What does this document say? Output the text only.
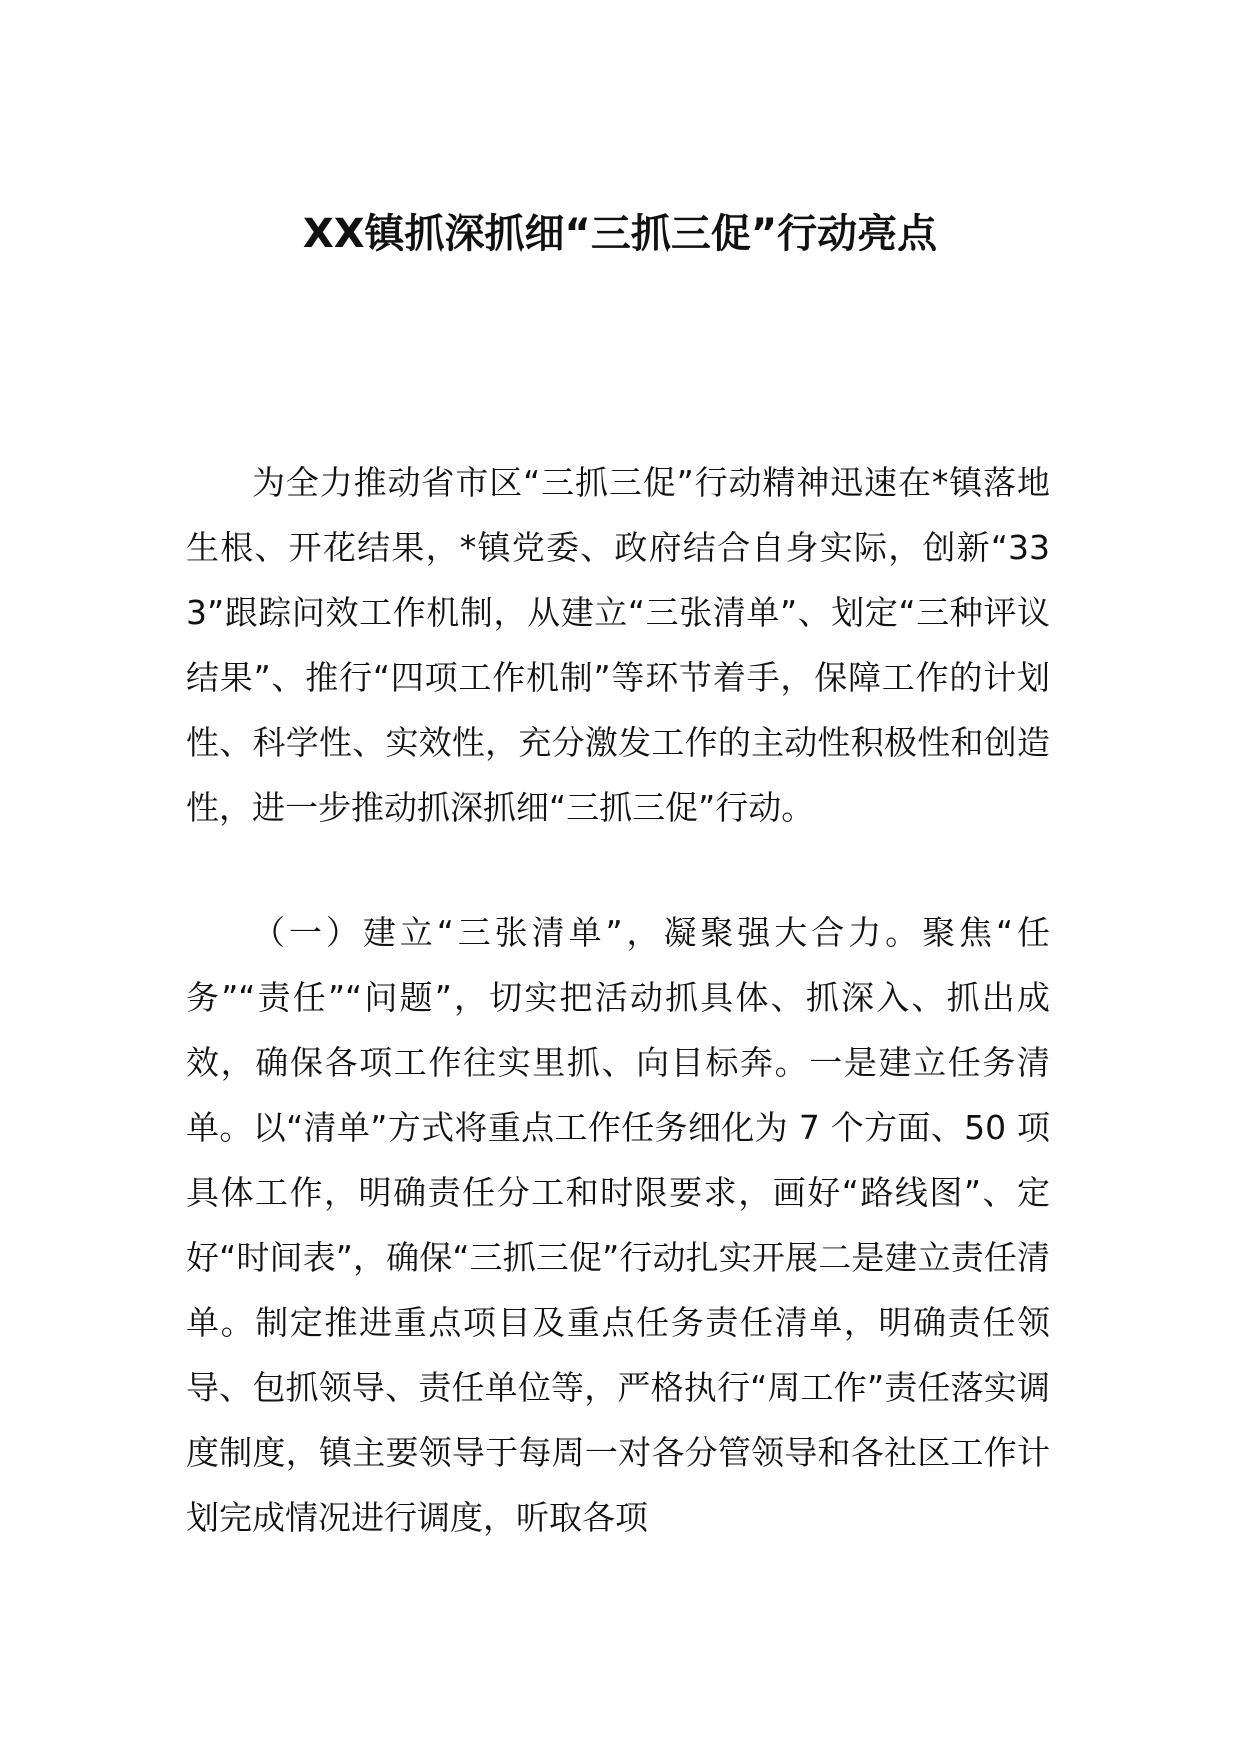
XX镇抓深抓细“三抓三促”行动亮点

为全力推动省市区“三抓三促”行动精神迅速在*镇落地生根、开花结果，*镇党委、政府结合自身实际，创新“333”跟踪问效工作机制，从建立“三张清单”、划定“三种评议结果”、推行“四项工作机制”等环节着手，保障工作的计划性、科学性、实效性，充分激发工作的主动性积极性和创造性，进一步推动抓深抓细“三抓三促”行动。

（一）建立“三张清单”，凝聚强大合力。聚焦“任务”“责任”“问题”，切实把活动抓具体、抓深入、抓出成效，确保各项工作往实里抓、向目标奔。一是建立任务清单。以“清单”方式将重点工作任务细化为 7 个方面、50 项具体工作，明确责任分工和时限要求，画好“路线图”、定好“时间表”，确保“三抓三促”行动扎实开展二是建立责任清单。制定推进重点项目及重点任务责任清单，明确责任领导、包抓领导、责任单位等，严格执行“周工作”责任落实调度制度，镇主要领导于每周一对各分管领导和各社区工作计划完成情况进行调度，听取各项
